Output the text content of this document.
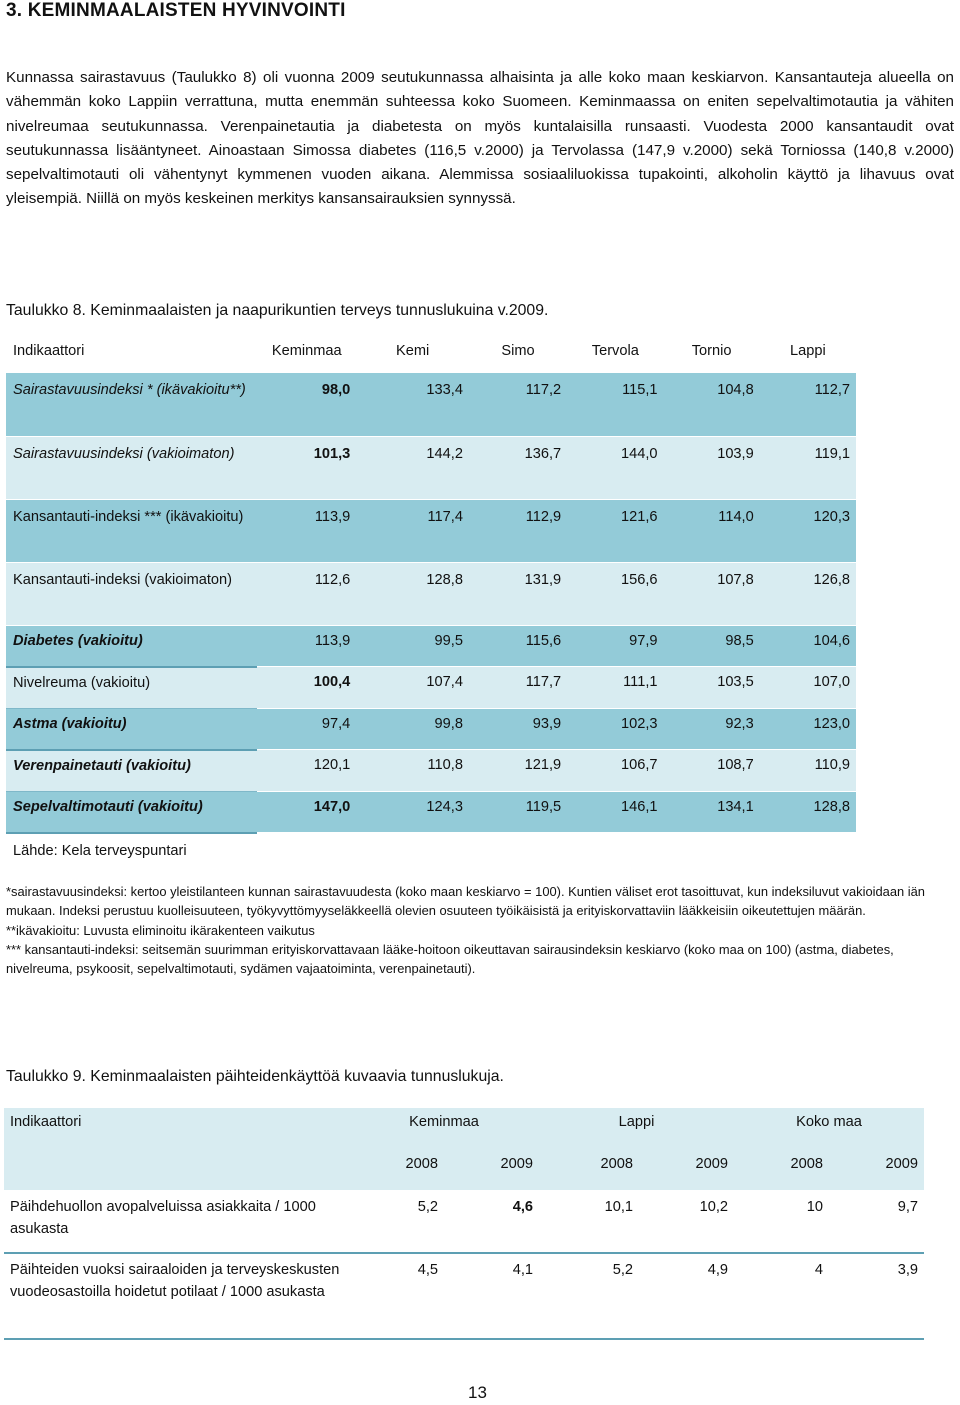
3. KEMINMAALAISTEN HYVINVOINTI

Kunnassa sairastavuus (Taulukko 8) oli vuonna 2009 seutukunnassa alhaisinta ja alle koko maan keskiarvon. Kansantauteja alueella on vähemmän koko Lappiin verrattuna, mutta enemmän suhteessa koko Suomeen. Keminmaassa on eniten sepelvaltimotautia ja vähiten nivelreumaa seutukunnassa. Verenpainetautia ja diabetesta on myös kuntalaisilla runsaasti. Vuodesta 2000 kansantaudit ovat seutukunnassa lisääntyneet. Ainoastaan Simossa diabetes (116,5 v.2000) ja Tervolassa (147,9 v.2000) sekä Torniossa (140,8 v.2000) sepelvaltimotauti oli vähentynyt kymmenen vuoden aikana. Alemmissa sosiaaliluokissa tupakointi, alkoholin käyttö ja lihavuus ovat yleisempiä. Niillä on myös keskeinen merkitys kansansairauksien synnyssä.

Taulukko 8. Keminmaalaisten ja naapurikuntien terveys tunnuslukuina v.2009.

Indikaattori	Keminmaa	Kemi	Simo	Tervola	Tornio	Lappi
Sairastavuusindeksi * (ikävakioitu**)	98,0	133,4	117,2	115,1	104,8	112,7
Sairastavuusindeksi (vakioimaton)	101,3	144,2	136,7	144,0	103,9	119,1
Kansantauti-indeksi *** (ikävakioitu)	113,9	117,4	112,9	121,6	114,0	120,3
Kansantauti-indeksi (vakioimaton)	112,6	128,8	131,9	156,6	107,8	126,8
Diabetes (vakioitu)	113,9	99,5	115,6	97,9	98,5	104,6
Nivelreuma (vakioitu)	100,4	107,4	117,7	111,1	103,5	107,0
Astma (vakioitu)	97,4	99,8	93,9	102,3	92,3	123,0
Verenpainetauti (vakioitu)	120,1	110,8	121,9	106,7	108,7	110,9
Sepelvaltimotauti (vakioitu)	147,0	124,3	119,5	146,1	134,1	128,8

Lähde: Kela terveyspuntari

*sairastavuusindeksi: kertoo yleistilanteen kunnan sairastavuudesta (koko maan keskiarvo = 100). Kuntien väliset erot tasoittuvat, kun indeksiluvut vakioidaan iän mukaan. Indeksi perustuu kuolleisuuteen, työkyvyttömyyseläkkeellä olevien osuuteen työikäisistä ja erityiskorvattaviin lääkkeisiin oikeutettujen määrän.
**ikävakioitu: Luvusta eliminoitu ikärakenteen vaikutus
*** kansantauti-indeksi: seitsemän suurimman erityiskorvattavaan lääke-hoitoon oikeuttavan sairausindeksin keskiarvo (koko maa on 100) (astma, diabetes, nivelreuma, psykoosit, sepelvaltimotauti, sydämen vajaatoiminta, verenpainetauti).

Taulukko 9. Keminmaalaisten päihteidenkäyttöä kuvaavia tunnuslukuja.

Indikaattori	Keminmaa		Lappi		Koko maa	
	2008	2009	2008	2009	2008	2009
Päihdehuollon avopalveluissa asiakkaita / 1000 asukasta	5,2	4,6	10,1	10,2	10	9,7
Päihteiden vuoksi sairaaloiden ja terveyskeskusten vuodeosastoilla hoidetut potilaat / 1000 asukasta	4,5	4,1	5,2	4,9	4	3,9

13
